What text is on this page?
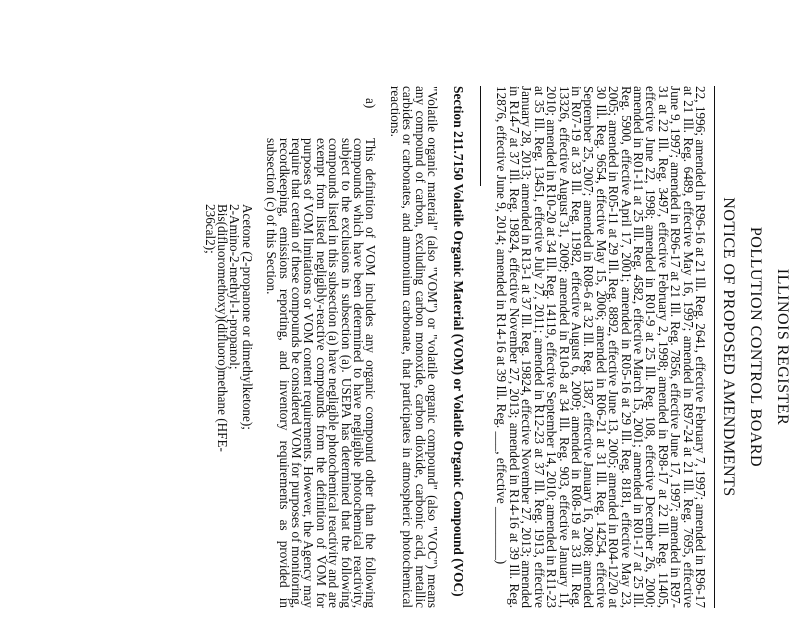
ILLINOIS REGISTER
POLLUTION CONTROL BOARD
NOTICE OF PROPOSED AMENDMENTS

22, 1996; amended in R96-16 at 21 Ill. Reg. 2641, effective February 7, 1997; amended in R96-17 at 21 Ill. Reg. 6489, effective May 16, 1997; amended in R97-24 at 21 Ill. Reg. 7695, effective June 9, 1997; amended in R96-17 at 21 Ill. Reg. 7856, effective June 17, 1997; amended in R97-31 at 22 Ill. Reg. 3497, effective February 2, 1998; amended in R98-17 at 22 Ill. Reg. 11405, effective June 22, 1998; amended in R01-9 at 25 Ill. Reg. 108, effective December 26, 2000; amended in R01-11 at 25 Ill. Reg. 4582, effective March 15, 2001; amended in R01-17 at 25 Ill. Reg. 5900, effective April 17, 2001; amended in R05-16 at 29 Ill. Reg. 8181, effective May 23, 2005; amended in R05-11 at 29 Ill. Reg. 8892, effective June 13, 2005; amended in R04-12/20 at 30 Ill. Reg. 9654, effective May 15, 2006; amended in R06-21 at 31 Ill. Reg. 14254, effective September 25, 2007; amended in R08-6 at 32 Ill. Reg. 1387, effective January 16, 2008; amended in R07-19 at 33 Ill. Reg. 11982, effective August 6, 2009; amended in R08-19 at 33 Ill. Reg. 13326, effective August 31, 2009; amended in R10-8 at 34 Ill. Reg. 903, effective January 11, 2010; amended in R10-20 at 34 Ill. Reg. 14119, effective September 14, 2010; amended in R11-23 at 35 Ill. Reg. 13451, effective July 27, 2011; amended in R12-23 at 37 Ill. Reg. 1913, effective January 28, 2013; amended in R13-1 at 37 Ill. Reg. 19824, effective November 27, 2013; amended in R14-7 at 37 Ill. Reg. 19824, effective November 27, 2013; amended in R14-16 at 39 Ill. Reg. 12876, effective June 9, 2014; amended in R14-16 at 39 Ill. Reg. ___, effective ________)

Section 211.7150 Volatile Organic Material (VOM) or Volatile Organic Compound (VOC)

"Volatile organic material" (also "VOM") or "volatile organic compound" (also "VOC") means any compound of carbon, excluding carbon monoxide, carbon dioxide, carbonic acid, metallic carbides or carbonates, and ammonium carbonate, that participates in atmospheric photochemical reactions.

a)
This definition of VOM includes any organic compound other than the following compounds which have been determined to have negligible photochemical reactivity, subject to the exclusions in subsection (a). USEPA has determined that the following compounds listed in this subsection (a) have negligible photochemical reactivity and are exempt from listed negligibly-reactive compounds from the definition of VOM for purposes of VOM limitations or VOM content requirements. However, the Agency may require that certain of these compounds be considered VOM for purposes of monitoring, recordkeeping, emissions reporting, and inventory requirements as provided in subsection (c) of this Section.
Acetone (2-propanone or dimethylketone);
2-Amino-2-methyl-1-propanol;
Bis(difluoromethoxy)(difluoro)methane (HFE-
236cal2);
